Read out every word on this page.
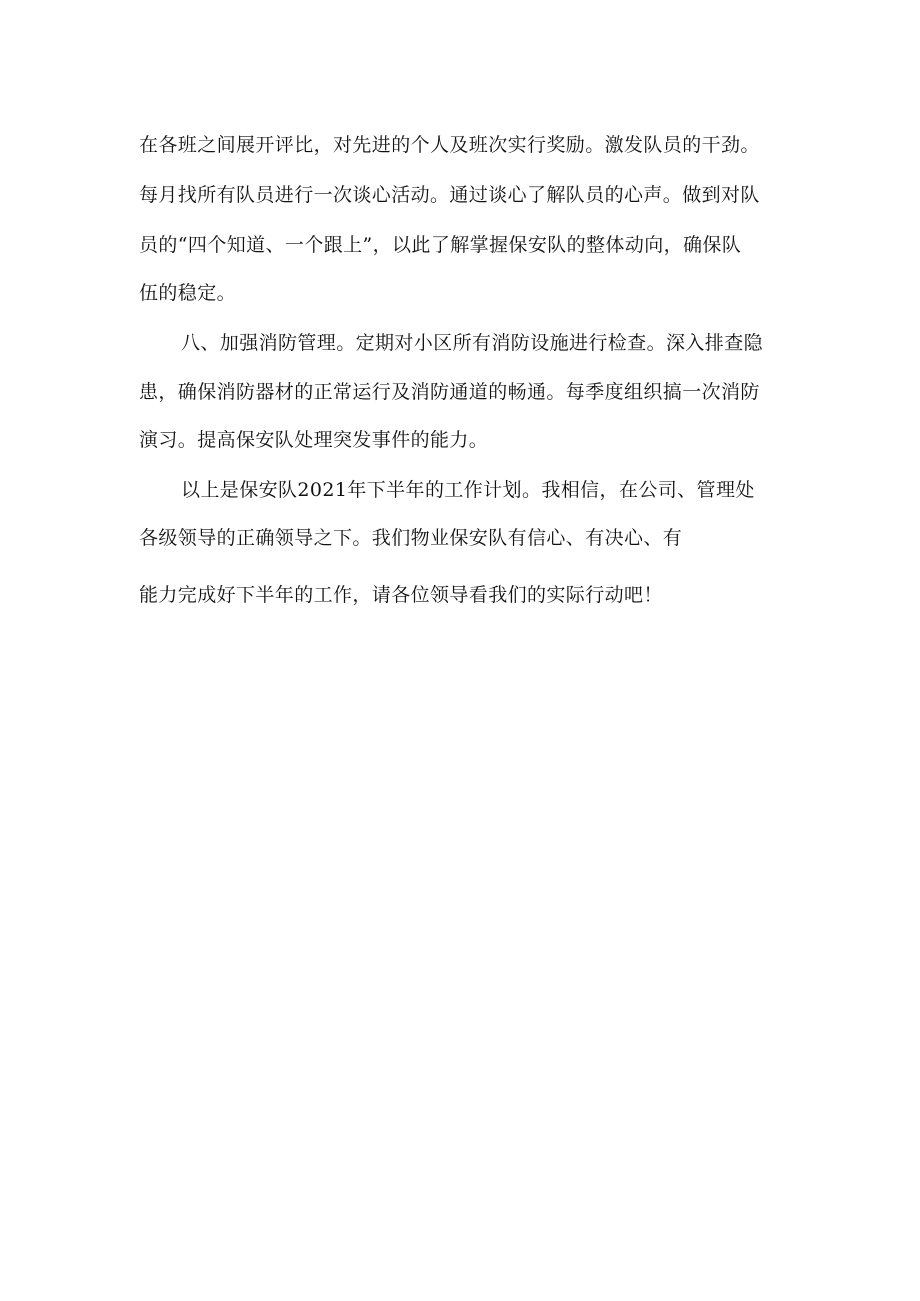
在各班之间展开评比，对先进的个人及班次实行奖励。激发队员的干劲。

每月找所有队员进行一次谈心活动。通过谈心了解队员的心声。做到对队

员的“四个知道、一个跟上”，以此了解掌握保安队的整体动向，确保队

伍的稳定。

八、加强消防管理。定期对小区所有消防设施进行检查。深入排查隐

患，确保消防器材的正常运行及消防通道的畅通。每季度组织搞一次消防

演习。提高保安队处理突发事件的能力。

以上是保安队2021年下半年的工作计划。我相信，在公司、管理处

各级领导的正确领导之下。我们物业保安队有信心、有决心、有

能力完成好下半年的工作，请各位领导看我们的实际行动吧！
